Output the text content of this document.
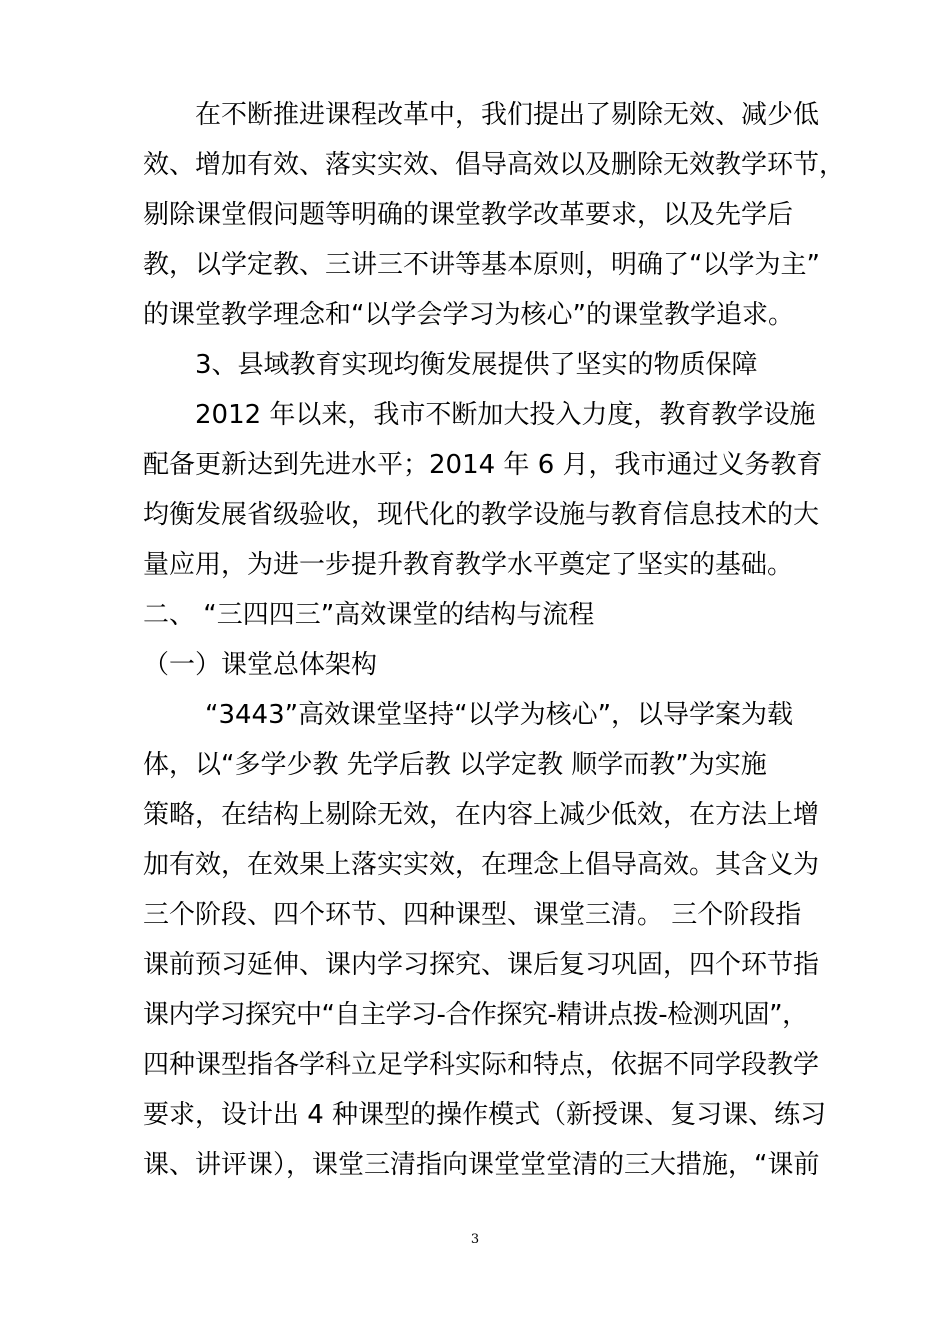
在不断推进课程改革中，我们提出了剔除无效、减少低
效、增加有效、落实实效、倡导高效以及删除无效教学环节，
剔除课堂假问题等明确的课堂教学改革要求，以及先学后
教，以学定教、三讲三不讲等基本原则，明确了“以学为主”
的课堂教学理念和“以学会学习为核心”的课堂教学追求。
3、县域教育实现均衡发展提供了坚实的物质保障
2012 年以来，我市不断加大投入力度，教育教学设施
配备更新达到先进水平；2014 年 6 月，我市通过义务教育
均衡发展省级验收，现代化的教学设施与教育信息技术的大
量应用，为进一步提升教育教学水平奠定了坚实的基础。
二、 “三四四三”高效课堂的结构与流程
（一）课堂总体架构
“3443”高效课堂坚持“以学为核心”，以导学案为载
体，以“多学少教 先学后教 以学定教 顺学而教”为实施
策略，在结构上剔除无效，在内容上减少低效，在方法上增
加有效，在效果上落实实效，在理念上倡导高效。其含义为
三个阶段、四个环节、四种课型、课堂三清。 三个阶段指
课前预习延伸、课内学习探究、课后复习巩固，四个环节指
课内学习探究中“自主学习-合作探究-精讲点拨-检测巩固”，
四种课型指各学科立足学科实际和特点，依据不同学段教学
要求，设计出 4 种课型的操作模式（新授课、复习课、练习
课、讲评课），课堂三清指向课堂堂堂清的三大措施，“课前
3
